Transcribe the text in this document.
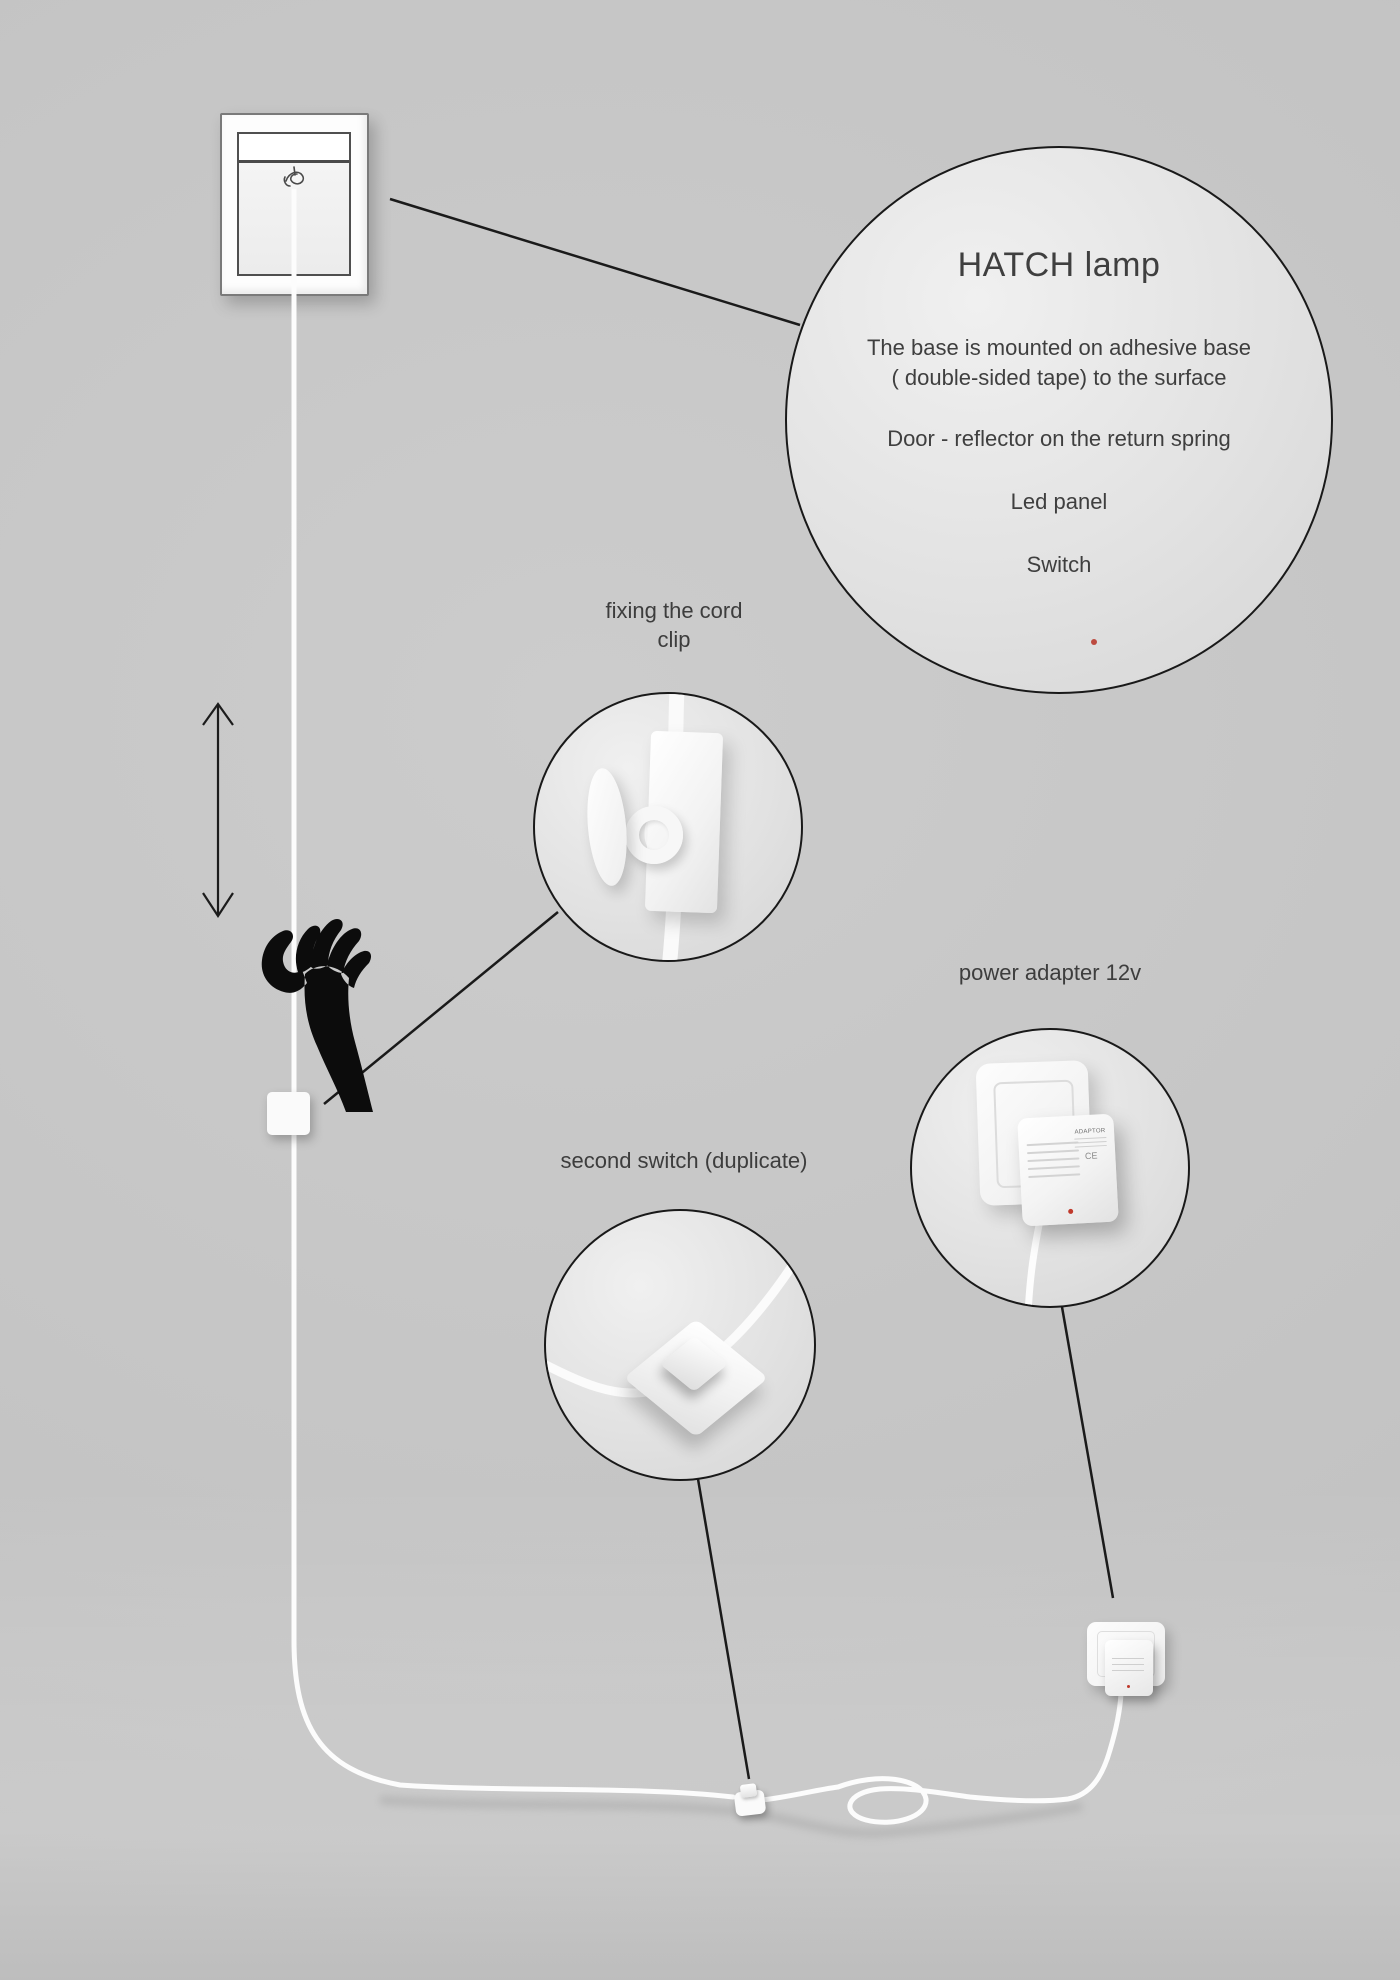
HATCH lamp
The base is mounted on adhesive base
( double-sided tape) to the surface
Door - reflector on the return spring
Led panel
Switch
fixing the cord
clip
power adapter 12v
ADAPTOR
CE
second switch (duplicate)
